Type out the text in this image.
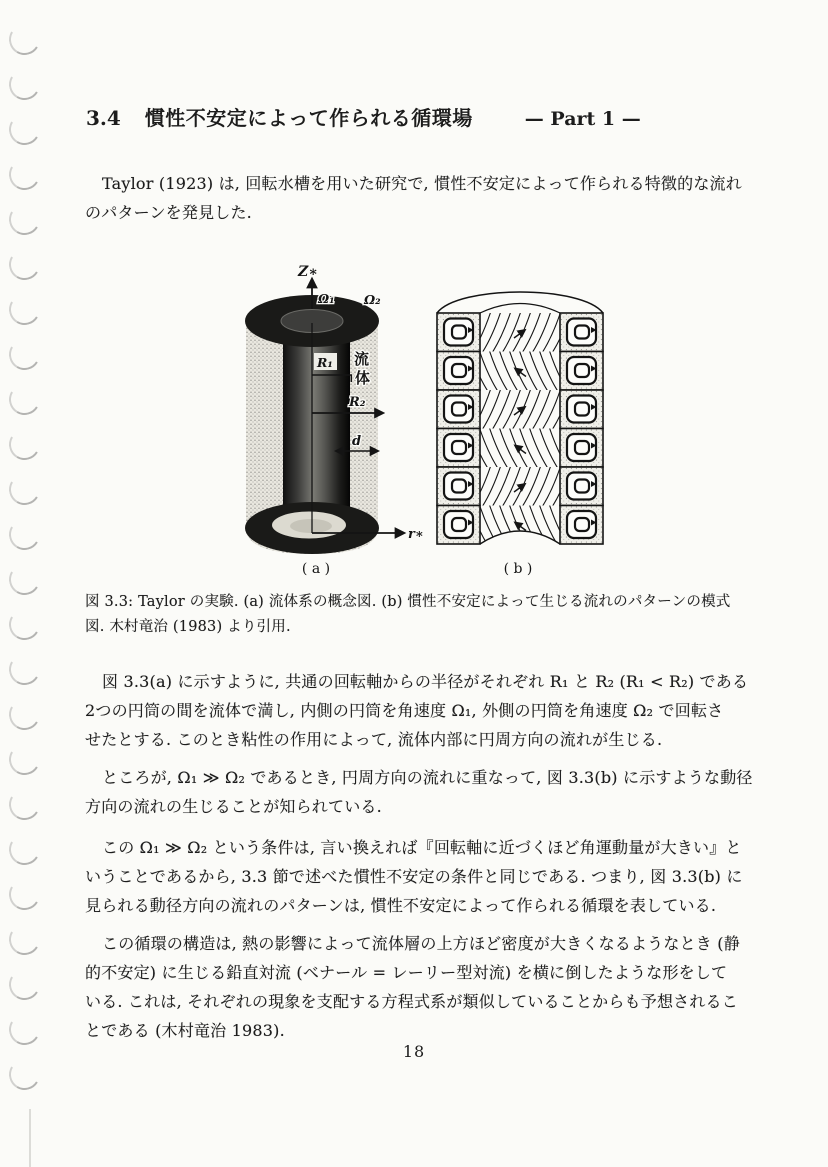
3.4 慣性不安定によって作られる循環場	— Part 1 —
Taylor (1923) は, 回転水槽を用いた研究で, 慣性不安定によって作られる特徴的な流れ
のパターンを発見した.
Z∗
Ω₁ Ω₂
R₁ 流
体
R₂
d
r∗
( a )	( b )
図 3.3: Taylor の実験. (a) 流体系の概念図. (b) 慣性不安定によって生じる流れのパターンの模式
図. 木村竜治 (1983) より引用.
図 3.3(a) に示すように, 共通の回転軸からの半径がそれぞれ R₁ と R₂ (R₁ < R₂) である
2つの円筒の間を流体で満し, 内側の円筒を角速度 Ω₁, 外側の円筒を角速度 Ω₂ で回転さ
せたとする. このとき粘性の作用によって, 流体内部に円周方向の流れが生じる.
ところが, Ω₁ ≫ Ω₂ であるとき, 円周方向の流れに重なって, 図 3.3(b) に示すような動径
方向の流れの生じることが知られている.
この Ω₁ ≫ Ω₂ という条件は, 言い換えれば『回転軸に近づくほど角運動量が大きい』と
いうことであるから, 3.3 節で述べた慣性不安定の条件と同じである. つまり, 図 3.3(b) に
見られる動径方向の流れのパターンは, 慣性不安定によって作られる循環を表している.
この循環の構造は, 熱の影響によって流体層の上方ほど密度が大きくなるようなとき (静
的不安定) に生じる鉛直対流 (ベナール = レーリー型対流) を横に倒したような形をして
いる. これは, それぞれの現象を支配する方程式系が類似していることからも予想されるこ
とである (木村竜治 1983).
18
